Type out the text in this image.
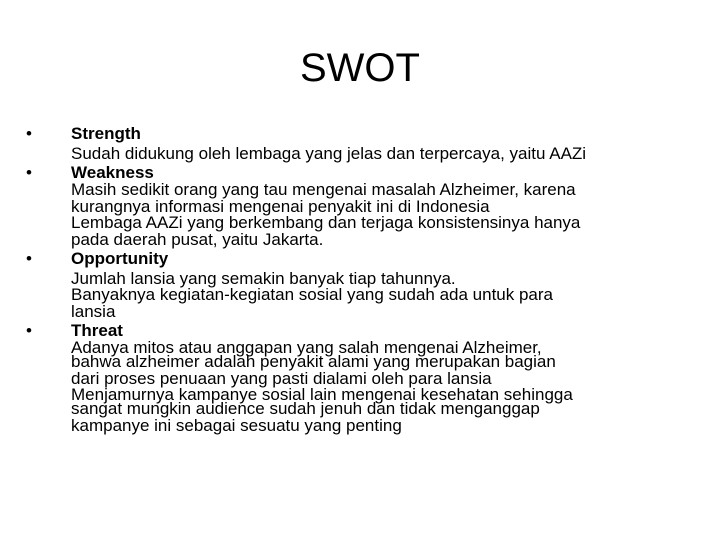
SWOT
•	Strength
Sudah didukung oleh lembaga yang jelas dan terpercaya, yaitu AAZi
•	Weakness
Masih sedikit orang yang tau mengenai masalah Alzheimer, karena
kurangnya informasi mengenai penyakit ini di Indonesia
Lembaga AAZi yang berkembang dan terjaga konsistensinya hanya
pada daerah pusat, yaitu Jakarta.
•	Opportunity
Jumlah lansia yang semakin banyak tiap tahunnya.
Banyaknya kegiatan-kegiatan sosial yang sudah ada untuk para
lansia
•	Threat
Adanya mitos atau anggapan yang salah mengenai Alzheimer,
bahwa alzheimer adalah penyakit alami yang merupakan bagian
dari proses penuaan yang pasti dialami oleh para lansia
Menjamurnya kampanye sosial lain mengenai kesehatan sehingga
sangat mungkin audience sudah jenuh dan tidak menganggap
kampanye ini sebagai sesuatu yang penting
